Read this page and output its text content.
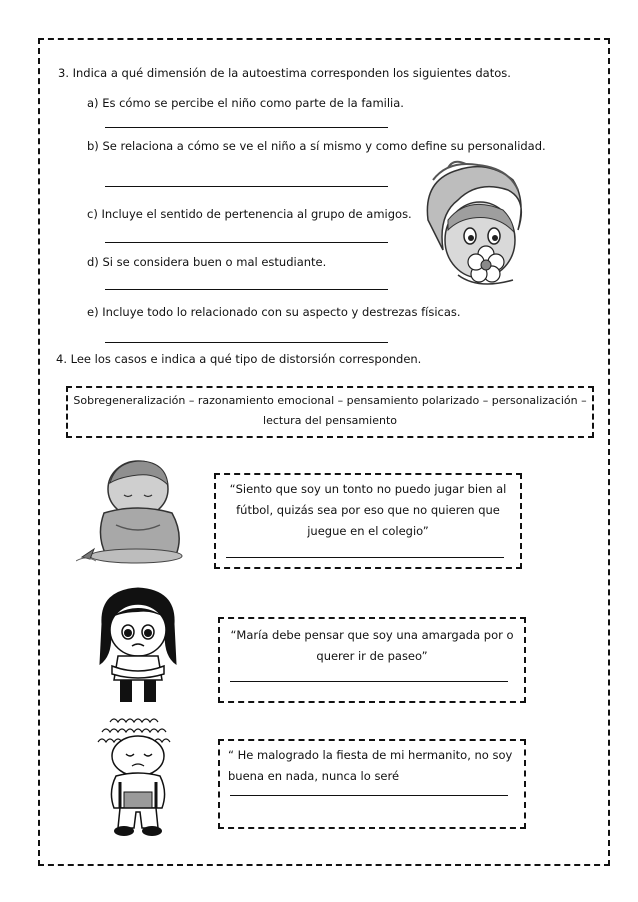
3. Indica a qué dimensión de la autoestima corresponden los siguientes datos.
a) Es cómo se percibe el niño como parte de la familia.
b) Se relaciona a cómo se ve el niño a sí mismo y como define su personalidad.
c) Incluye el sentido de pertenencia al grupo de amigos.
d) Si se considera buen o mal estudiante.
e) Incluye todo lo relacionado con su aspecto y destrezas físicas.
4. Lee los casos e indica a qué tipo de distorsión corresponden.
Sobregeneralización – razonamiento emocional – pensamiento polarizado – personalización –
lectura del pensamiento
“Siento que soy un tonto no puedo jugar bien al fútbol, quizás sea por eso que no quieren que juegue en el colegio”
“María debe pensar que soy una amargada por o querer ir de paseo”
“ He malogrado la fiesta de mi hermanito, no soy buena en nada, nunca lo seré
